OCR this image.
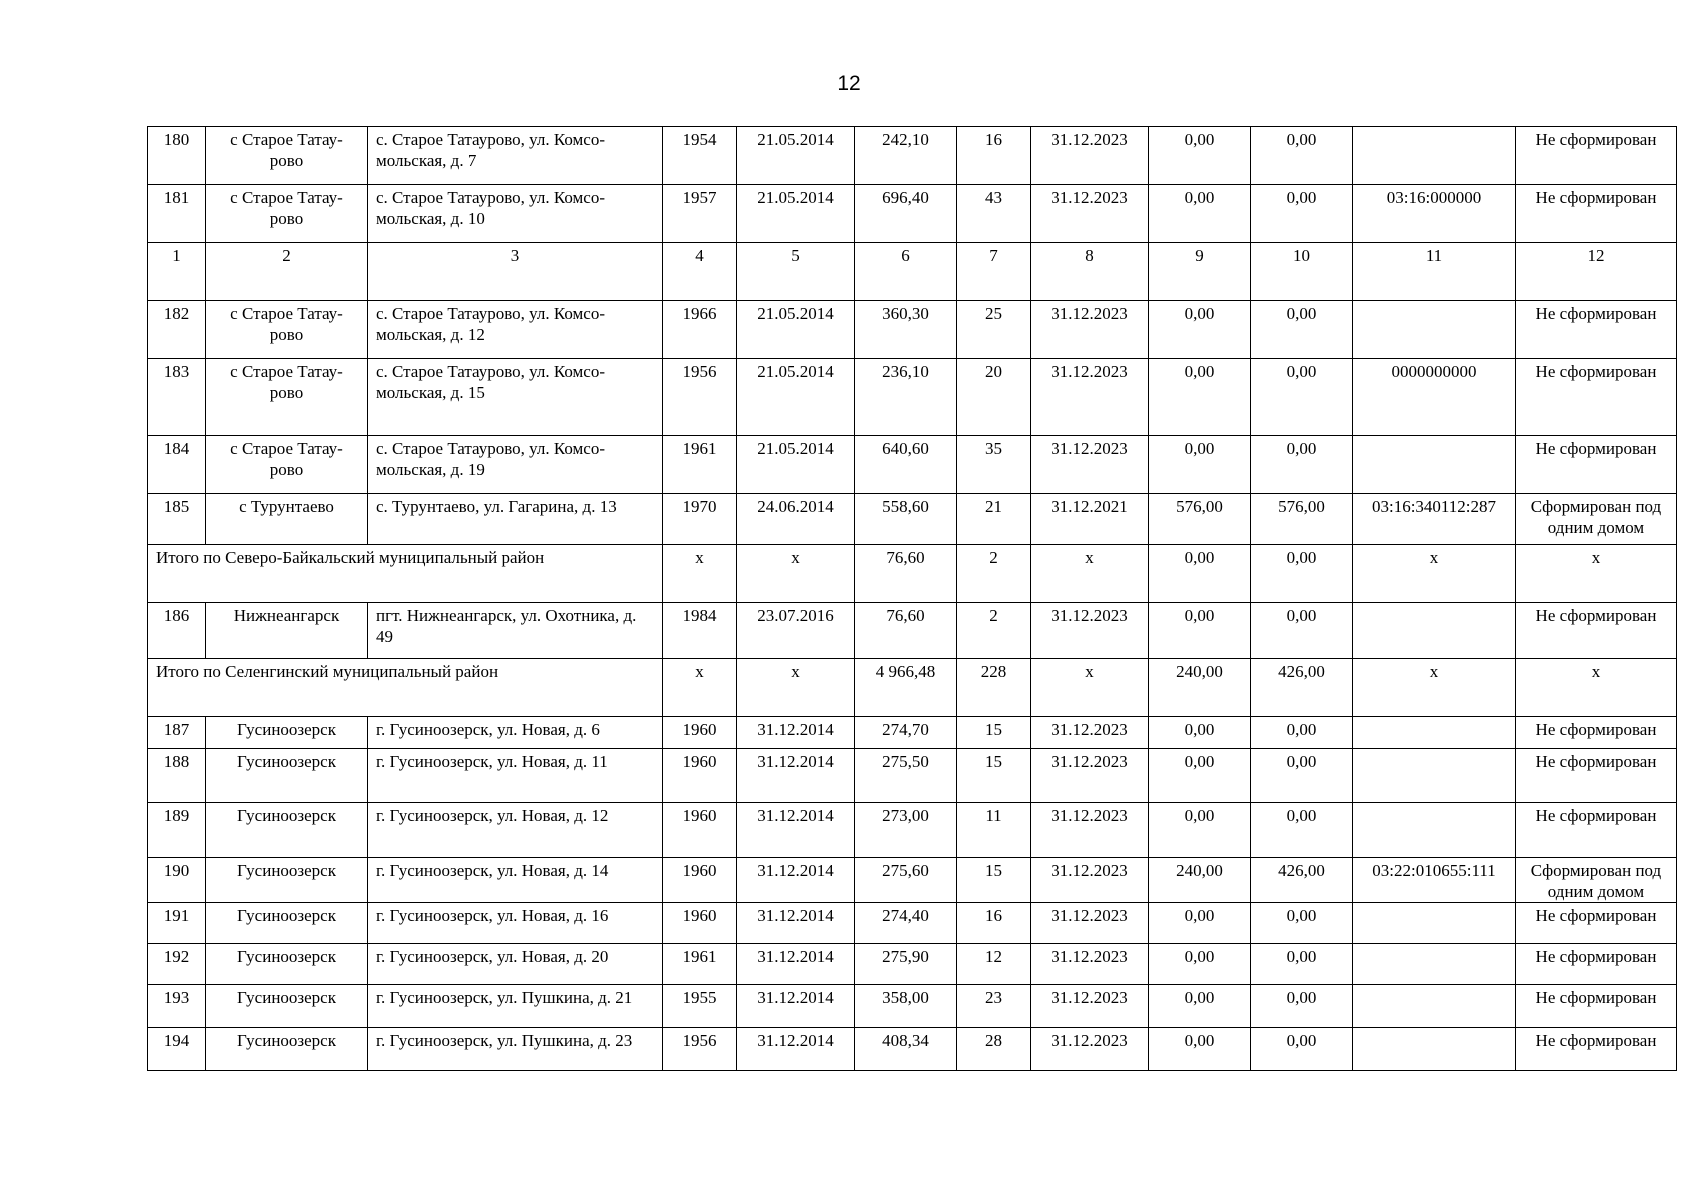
12
180	с Старое Татау-рово	с. Старое Татаурово, ул. Комсо-мольская, д. 7	1954	21.05.2014	242,10	16	31.12.2023	0,00	0,00		Не сформирован
181	с Старое Татау-рово	с. Старое Татаурово, ул. Комсо-мольская, д. 10	1957	21.05.2014	696,40	43	31.12.2023	0,00	0,00	03:16:000000	Не сформирован
1	2	3	4	5	6	7	8	9	10	11	12
182	с Старое Татау-рово	с. Старое Татаурово, ул. Комсо-мольская, д. 12	1966	21.05.2014	360,30	25	31.12.2023	0,00	0,00		Не сформирован
183	с Старое Татау-рово	с. Старое Татаурово, ул. Комсо-мольская, д. 15	1956	21.05.2014	236,10	20	31.12.2023	0,00	0,00	0000000000	Не сформирован
184	с Старое Татау-рово	с. Старое Татаурово, ул. Комсо-мольская, д. 19	1961	21.05.2014	640,60	35	31.12.2023	0,00	0,00		Не сформирован
185	с Турунтаево	с. Турунтаево, ул. Гагарина, д. 13	1970	24.06.2014	558,60	21	31.12.2021	576,00	576,00	03:16:340112:287	Сформирован под одним домом
Итого по Северо-Байкальский муниципальный район			х	х	76,60	2	х	0,00	0,00	х	х
186	Нижнеангарск	пгт. Нижнеангарск, ул. Охотника, д. 49	1984	23.07.2016	76,60	2	31.12.2023	0,00	0,00		Не сформирован
Итого по Селенгинский муниципальный район			х	х	4 966,48	228	х	240,00	426,00	х	х
187	Гусиноозерск	г. Гусиноозерск, ул. Новая, д. 6	1960	31.12.2014	274,70	15	31.12.2023	0,00	0,00		Не сформирован
188	Гусиноозерск	г. Гусиноозерск, ул. Новая, д. 11	1960	31.12.2014	275,50	15	31.12.2023	0,00	0,00		Не сформирован
189	Гусиноозерск	г. Гусиноозерск, ул. Новая, д. 12	1960	31.12.2014	273,00	11	31.12.2023	0,00	0,00		Не сформирован
190	Гусиноозерск	г. Гусиноозерск, ул. Новая, д. 14	1960	31.12.2014	275,60	15	31.12.2023	240,00	426,00	03:22:010655:111	Сформирован под одним домом
191	Гусиноозерск	г. Гусиноозерск, ул. Новая, д. 16	1960	31.12.2014	274,40	16	31.12.2023	0,00	0,00		Не сформирован
192	Гусиноозерск	г. Гусиноозерск, ул. Новая, д. 20	1961	31.12.2014	275,90	12	31.12.2023	0,00	0,00		Не сформирован
193	Гусиноозерск	г. Гусиноозерск, ул. Пушкина, д. 21	1955	31.12.2014	358,00	23	31.12.2023	0,00	0,00		Не сформирован
194	Гусиноозерск	г. Гусиноозерск, ул. Пушкина, д. 23	1956	31.12.2014	408,34	28	31.12.2023	0,00	0,00		Не сформирован
